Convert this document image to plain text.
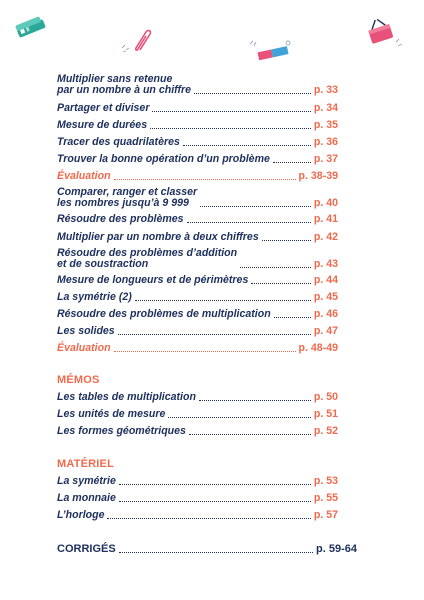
Multiplier sans retenue
par un nombre à un chiffre	p. 33
Partager et diviser	p. 34
Mesure de durées	p. 35
Tracer des quadrilatères	p. 36
Trouver la bonne opération d’un problème	p. 37
Évaluation	p. 38-39
Comparer, ranger et classer
les nombres jusqu’à 9 999	p. 40
Résoudre des problèmes	p. 41
Multiplier par un nombre à deux chiffres	p. 42
Résoudre des problèmes d’addition
et de soustraction	p. 43
Mesure de longueurs et de périmètres	p. 44
La symétrie (2)	p. 45
Résoudre des problèmes de multiplication	p. 46
Les solides	p. 47
Évaluation	p. 48-49
MÉMOS
Les tables de multiplication	p. 50
Les unités de mesure	p. 51
Les formes géométriques	p. 52
MATÉRIEL
La symétrie	p. 53
La monnaie	p. 55
L’horloge	p. 57
CORRIGÉS	p. 59-64
